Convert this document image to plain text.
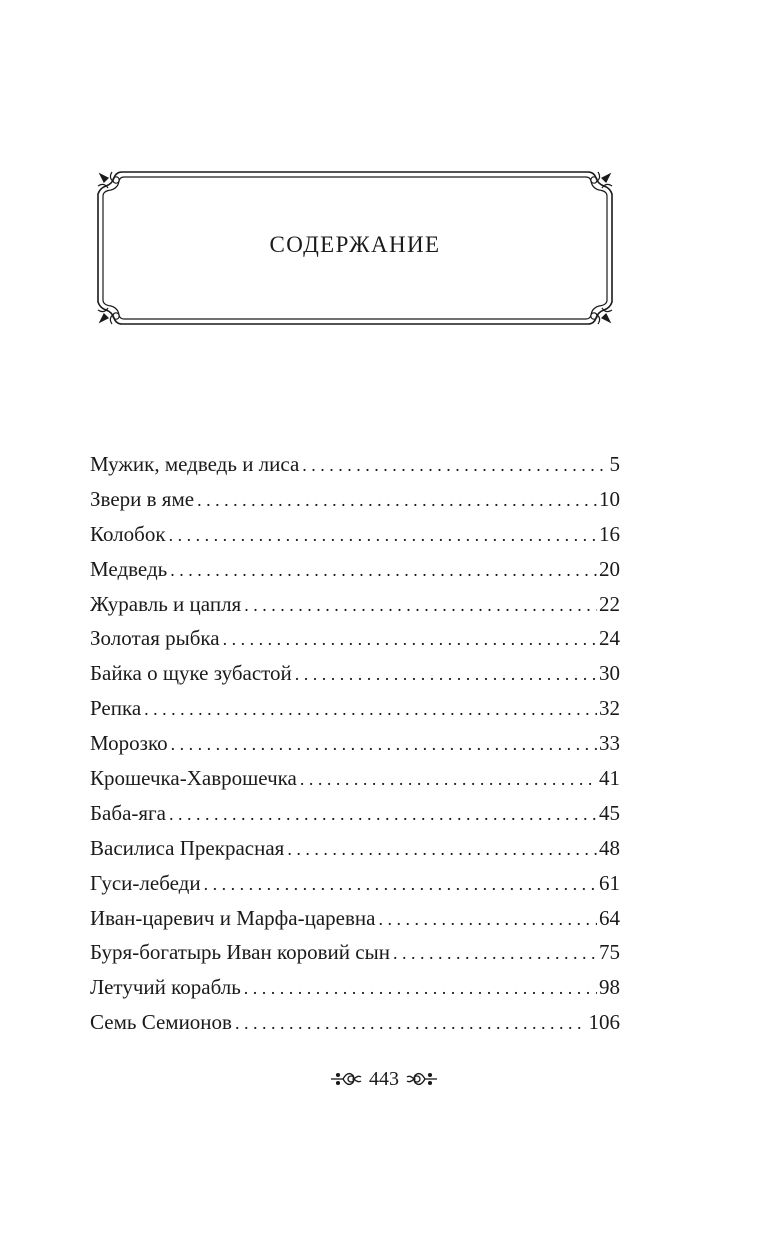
СОДЕРЖАНИЕ
Мужик, медведь и лиса . . .	5
Звери в яме . . .	10
Колобок . . .	16
Медведь . . .	20
Журавль и цапля . . .	22
Золотая рыбка . . .	24
Байка о щуке зубастой . . .	30
Репка . . .	32
Морозко . . .	33
Крошечка-Хаврошечка . . .	41
Баба-яга . . .	45
Василиса Прекрасная . . .	48
Гуси-лебеди . . .	61
Иван-царевич и Марфа-царевна . . .	64
Буря-богатырь Иван коровий сын . . .	75
Летучий корабль . . .	98
Семь Семионов . . .	106
443
